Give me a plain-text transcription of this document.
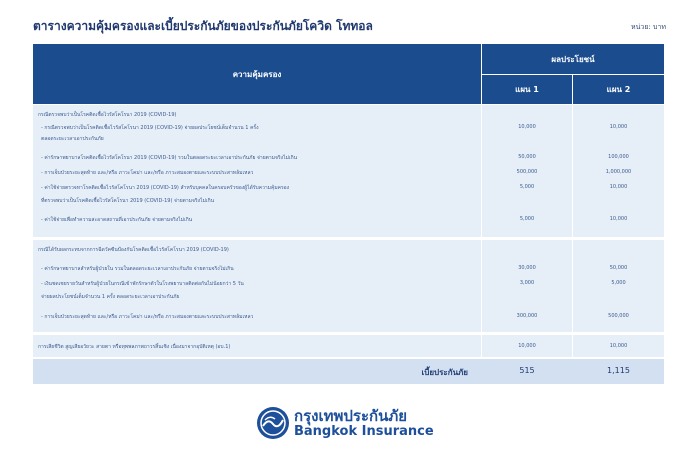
ตารางความคุ้มครองและเบี้ยประกันภัยของประกันภัยโควิด โททอล	หน่วย: บาท
ความคุ้มครอง
ผลประโยชน์
แผน 1	แผน 2
กรณีตรวจพบว่าเป็นโรคติดเชื้อไวรัสโคโรนา 2019 (COVID-19)
- กรณีตรวจพบว่าเป็นโรคติดเชื้อไวรัสโคโรนา 2019 (COVID-19) จ่ายผลประโยชน์เต็มจำนวน 1 ครั้ง	10,000	10,000
ตลอดระยะเวลาเอาประกันภัย
- ค่ารักษาพยาบาลโรคติดเชื้อไวรัสโคโรนา 2019 (COVID-19) รวมในตลอดระยะเวลาเอาประกันภัย จ่ายตามจริงไม่เกิน	50,000	100,000
- การเจ็บป่วยระยะสุดท้าย และ/หรือ ภาวะโคม่า และ/หรือ ภาวะสมองตายและระบบประสาทล้มเหลว	500,000	1,000,000
- ค่าใช้จ่ายตรวจหาโรคติดเชื้อไวรัสโคโรนา 2019 (COVID-19) สำหรับบุคคลในครอบครัวของผู้ได้รับความคุ้มครอง	5,000	10,000
ที่ตรวจพบว่าเป็นโรคติดเชื้อไวรัสโคโรนา 2019 (COVID-19) จ่ายตามจริงไม่เกิน
- ค่าใช้จ่ายเพื่อทำความสะอาดสถานที่เอาประกันภัย จ่ายตามจริงไม่เกิน	5,000	10,000
กรณีได้รับผลกระทบจากการฉีดวัคซีนป้องกันโรคติดเชื้อไวรัสโคโรนา 2019 (COVID-19)
- ค่ารักษาพยาบาลสำหรับผู้ป่วยใน รวมในตลอดระยะเวลาเอาประกันภัย จ่ายตามจริงไม่เกิน	30,000	50,000
- เงินชดเชยรายวันสำหรับผู้ป่วยในกรณีเข้าพักรักษาตัวในโรงพยาบาลติดต่อกันไม่น้อยกว่า 5 วัน	3,000	5,000
จ่ายผลประโยชน์เต็มจำนวน 1 ครั้ง ตลอดระยะเวลาเอาประกันภัย
- การเจ็บป่วยระยะสุดท้าย และ/หรือ ภาวะโคม่า และ/หรือ ภาวะสมองตายและระบบประสาทล้มเหลว	300,000	500,000
การเสียชีวิต สูญเสียอวัยวะ สายตา หรือทุพพลภาพถาวรสิ้นเชิง เนื่องมาจากอุบัติเหตุ (อบ.1)	10,000	10,000
เบี้ยประกันภัย	515	1,115
กรุงเทพประกันภัย
Bangkok Insurance
